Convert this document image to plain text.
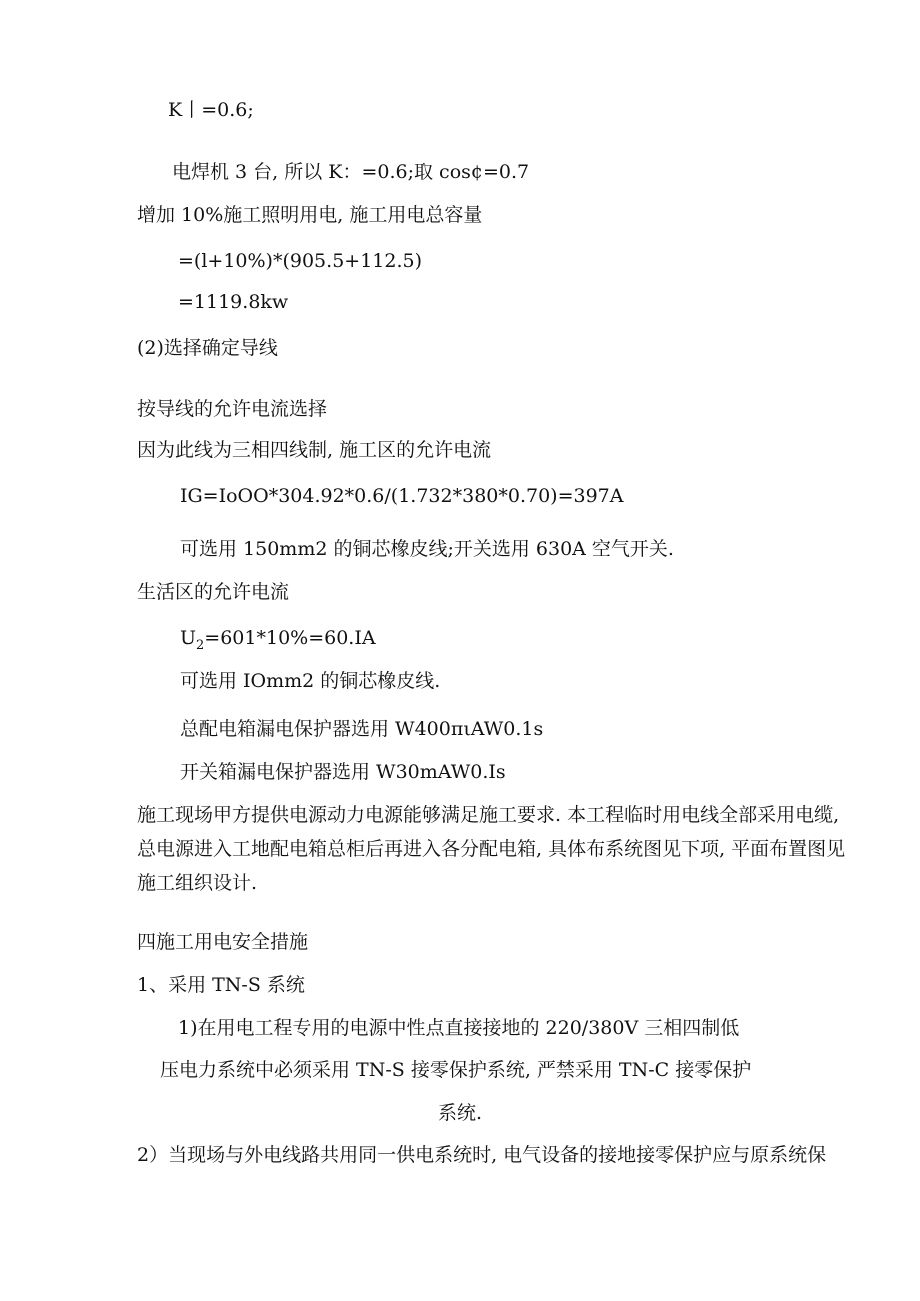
K丨=0.6;
电焊机 3 台, 所以 K：=0.6;取 cos¢=0.7
增加 10%施工照明用电, 施工用电总容量
=(l+10%)*(905.5+112.5)
=1119.8kw
(2)选择确定导线
按导线的允许电流选择
因为此线为三相四线制, 施工区的允许电流
IG=IoOO*304.92*0.6/(1.732*380*0.70)=397A
可选用 150mm2 的铜芯橡皮线;开关选用 630A 空气开关.
生活区的允许电流
$U_2=601*10\%=60.IA$
可选用 IOmm2 的铜芯橡皮线.
总配电箱漏电保护器选用 W400πιAW0.1s
开关箱漏电保护器选用 W30mAW0.Is
施工现场甲方提供电源动力电源能够满足施工要求. 本工程临时用电线全部采用电缆, 总电源进入工地配电箱总柜后再进入各分配电箱, 具体布系统图见下项, 平面布置图见施工组织设计.
四施工用电安全措施
1、采用 TN-S 系统
1)在用电工程专用的电源中性点直接接地的 220/380V 三相四制低
压电力系统中必须采用 TN-S 接零保护系统, 严禁采用 TN-C 接零保护
系统.
2）当现场与外电线路共用同一供电系统时, 电气设备的接地接零保护应与原系统保
